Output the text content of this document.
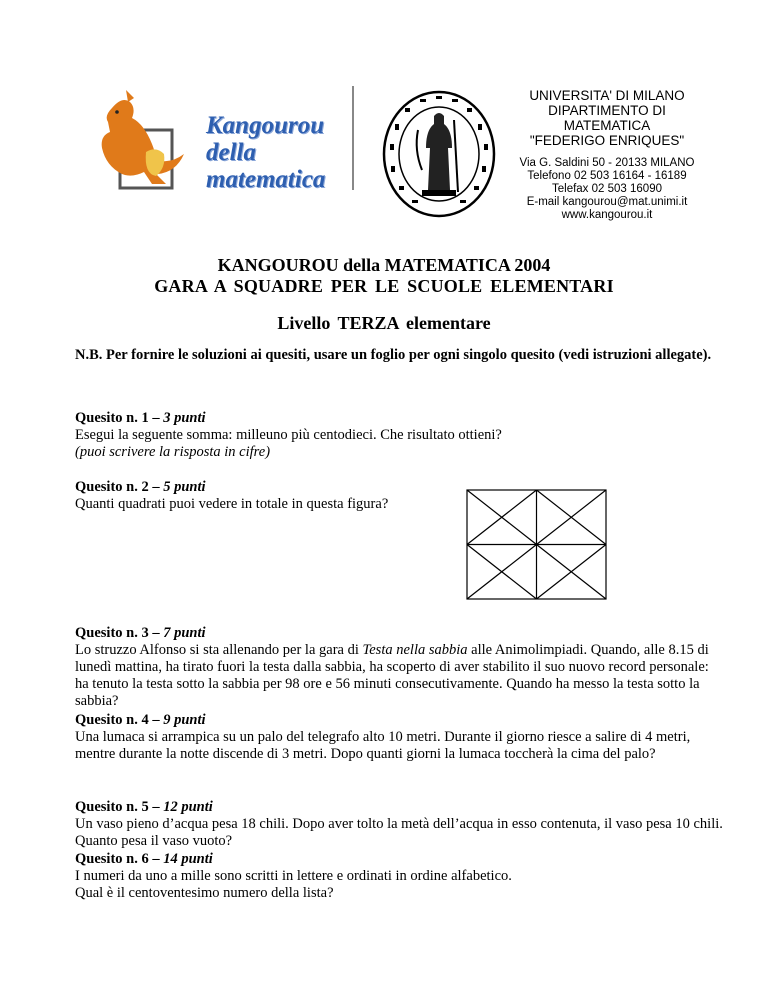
Kangourou
della
matematica
UNIVERSITA' DI MILANO
DIPARTIMENTO DI
MATEMATICA
"FEDERIGO ENRIQUES"
Via G. Saldini 50 - 20133 MILANO
Telefono 02 503 16164 - 16189
Telefax 02 503 16090
E-mail kangourou@mat.unimi.it
www.kangourou.it
KANGOUROU della MATEMATICA 2004
GARA A SQUADRE PER LE SCUOLE ELEMENTARI
Livello TERZA elementare
N.B. Per fornire le soluzioni ai quesiti, usare un foglio per ogni singolo quesito (vedi istruzioni allegate).
Quesito n. 1 – 3 punti
Esegui la seguente somma: milleuno più centodieci. Che risultato ottieni?
(puoi scrivere la risposta in cifre)
Quesito n. 2 – 5 punti
Quanti quadrati puoi vedere in totale in questa figura?
Quesito n. 3 – 7 punti
Lo struzzo Alfonso si sta allenando per la gara di Testa nella sabbia alle Animolimpiadi. Quando, alle 8.15 di lunedì mattina, ha tirato fuori la testa dalla sabbia, ha scoperto di aver stabilito il suo nuovo record personale: ha tenuto la testa sotto la sabbia per 98 ore e 56 minuti consecutivamente. Quando ha messo la testa sotto la sabbia?
Quesito n. 4 – 9 punti
Una lumaca si arrampica su un palo del telegrafo alto 10 metri. Durante il giorno riesce a salire di 4 metri, mentre durante la notte discende di 3 metri. Dopo quanti giorni la lumaca toccherà la cima del palo?
Quesito n. 5 – 12 punti
Un vaso pieno d’acqua pesa 18 chili. Dopo aver tolto la metà dell’acqua in esso contenuta, il vaso pesa 10 chili. Quanto pesa il vaso vuoto?
Quesito n. 6 – 14 punti
I numeri da uno a mille sono scritti in lettere e ordinati in ordine alfabetico.
Qual è il centoventesimo numero della lista?
